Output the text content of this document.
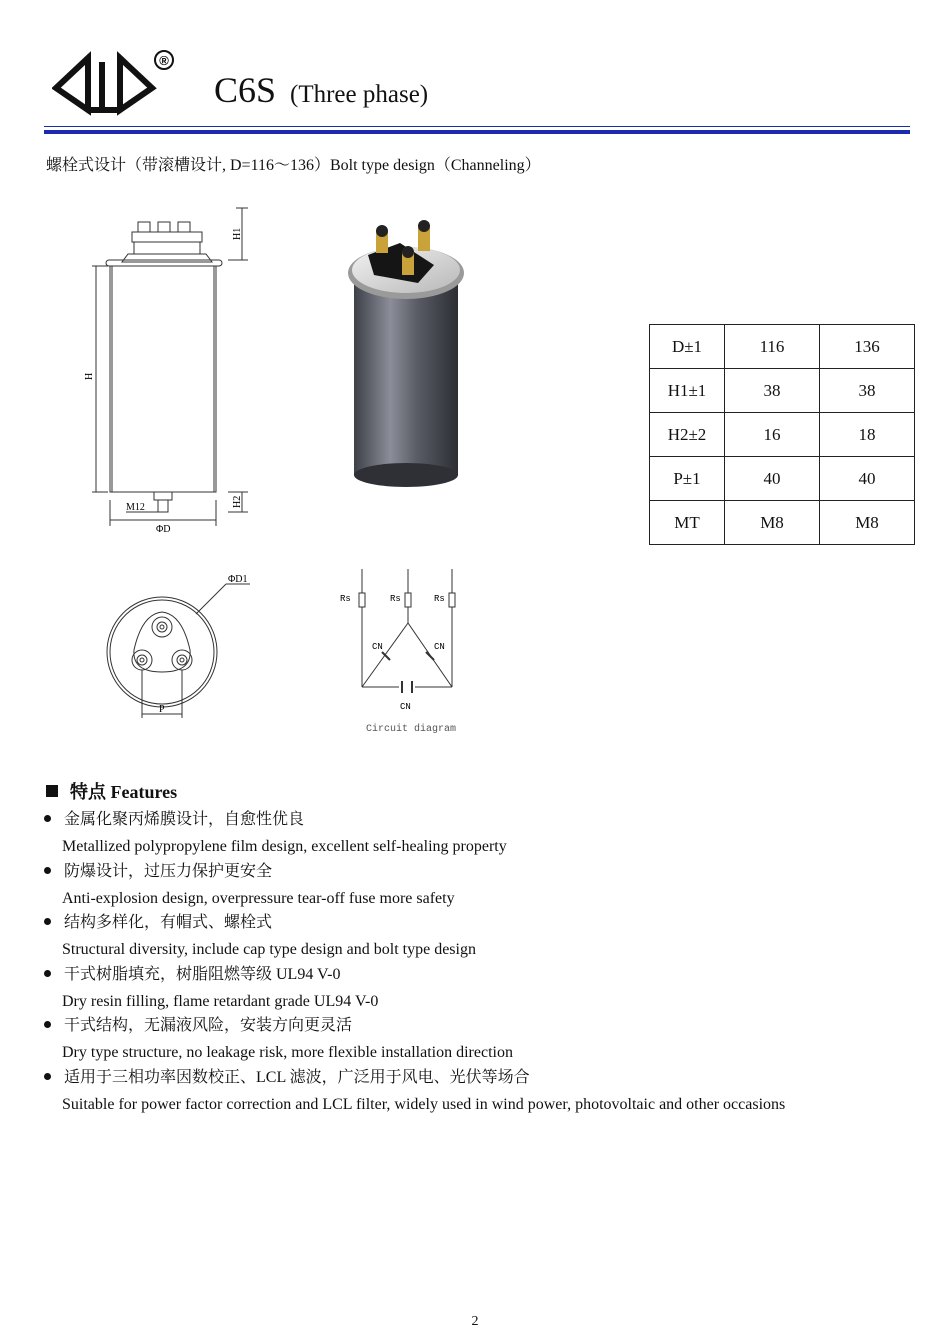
®
C6S (Three phase)
螺栓式设计（带滚槽设计, D=116～136）Bolt type design（Channeling）
H
H1
H2
M12
ΦD
D±1	116	136
H1±1	38	38
H2±2	16	18
P±1	40	40
MT	M8	M8
ΦD1
P
Rs	Rs	Rs
CN	CN
CN
Circuit diagram
特点 Features
金属化聚丙烯膜设计，自愈性优良
Metallized polypropylene film design, excellent self-healing property
防爆设计，过压力保护更安全
Anti-explosion design, overpressure tear-off fuse more safety
结构多样化，有帽式、螺栓式
Structural diversity, include cap type design and bolt type design
干式树脂填充，树脂阻燃等级 UL94 V-0
Dry resin filling, flame retardant grade UL94 V-0
干式结构，无漏液风险，安装方向更灵活
Dry type structure, no leakage risk, more flexible installation direction
适用于三相功率因数校正、LCL 滤波，广泛用于风电、光伏等场合
Suitable for power factor correction and LCL filter, widely used in wind power, photovoltaic and other occasions
2
